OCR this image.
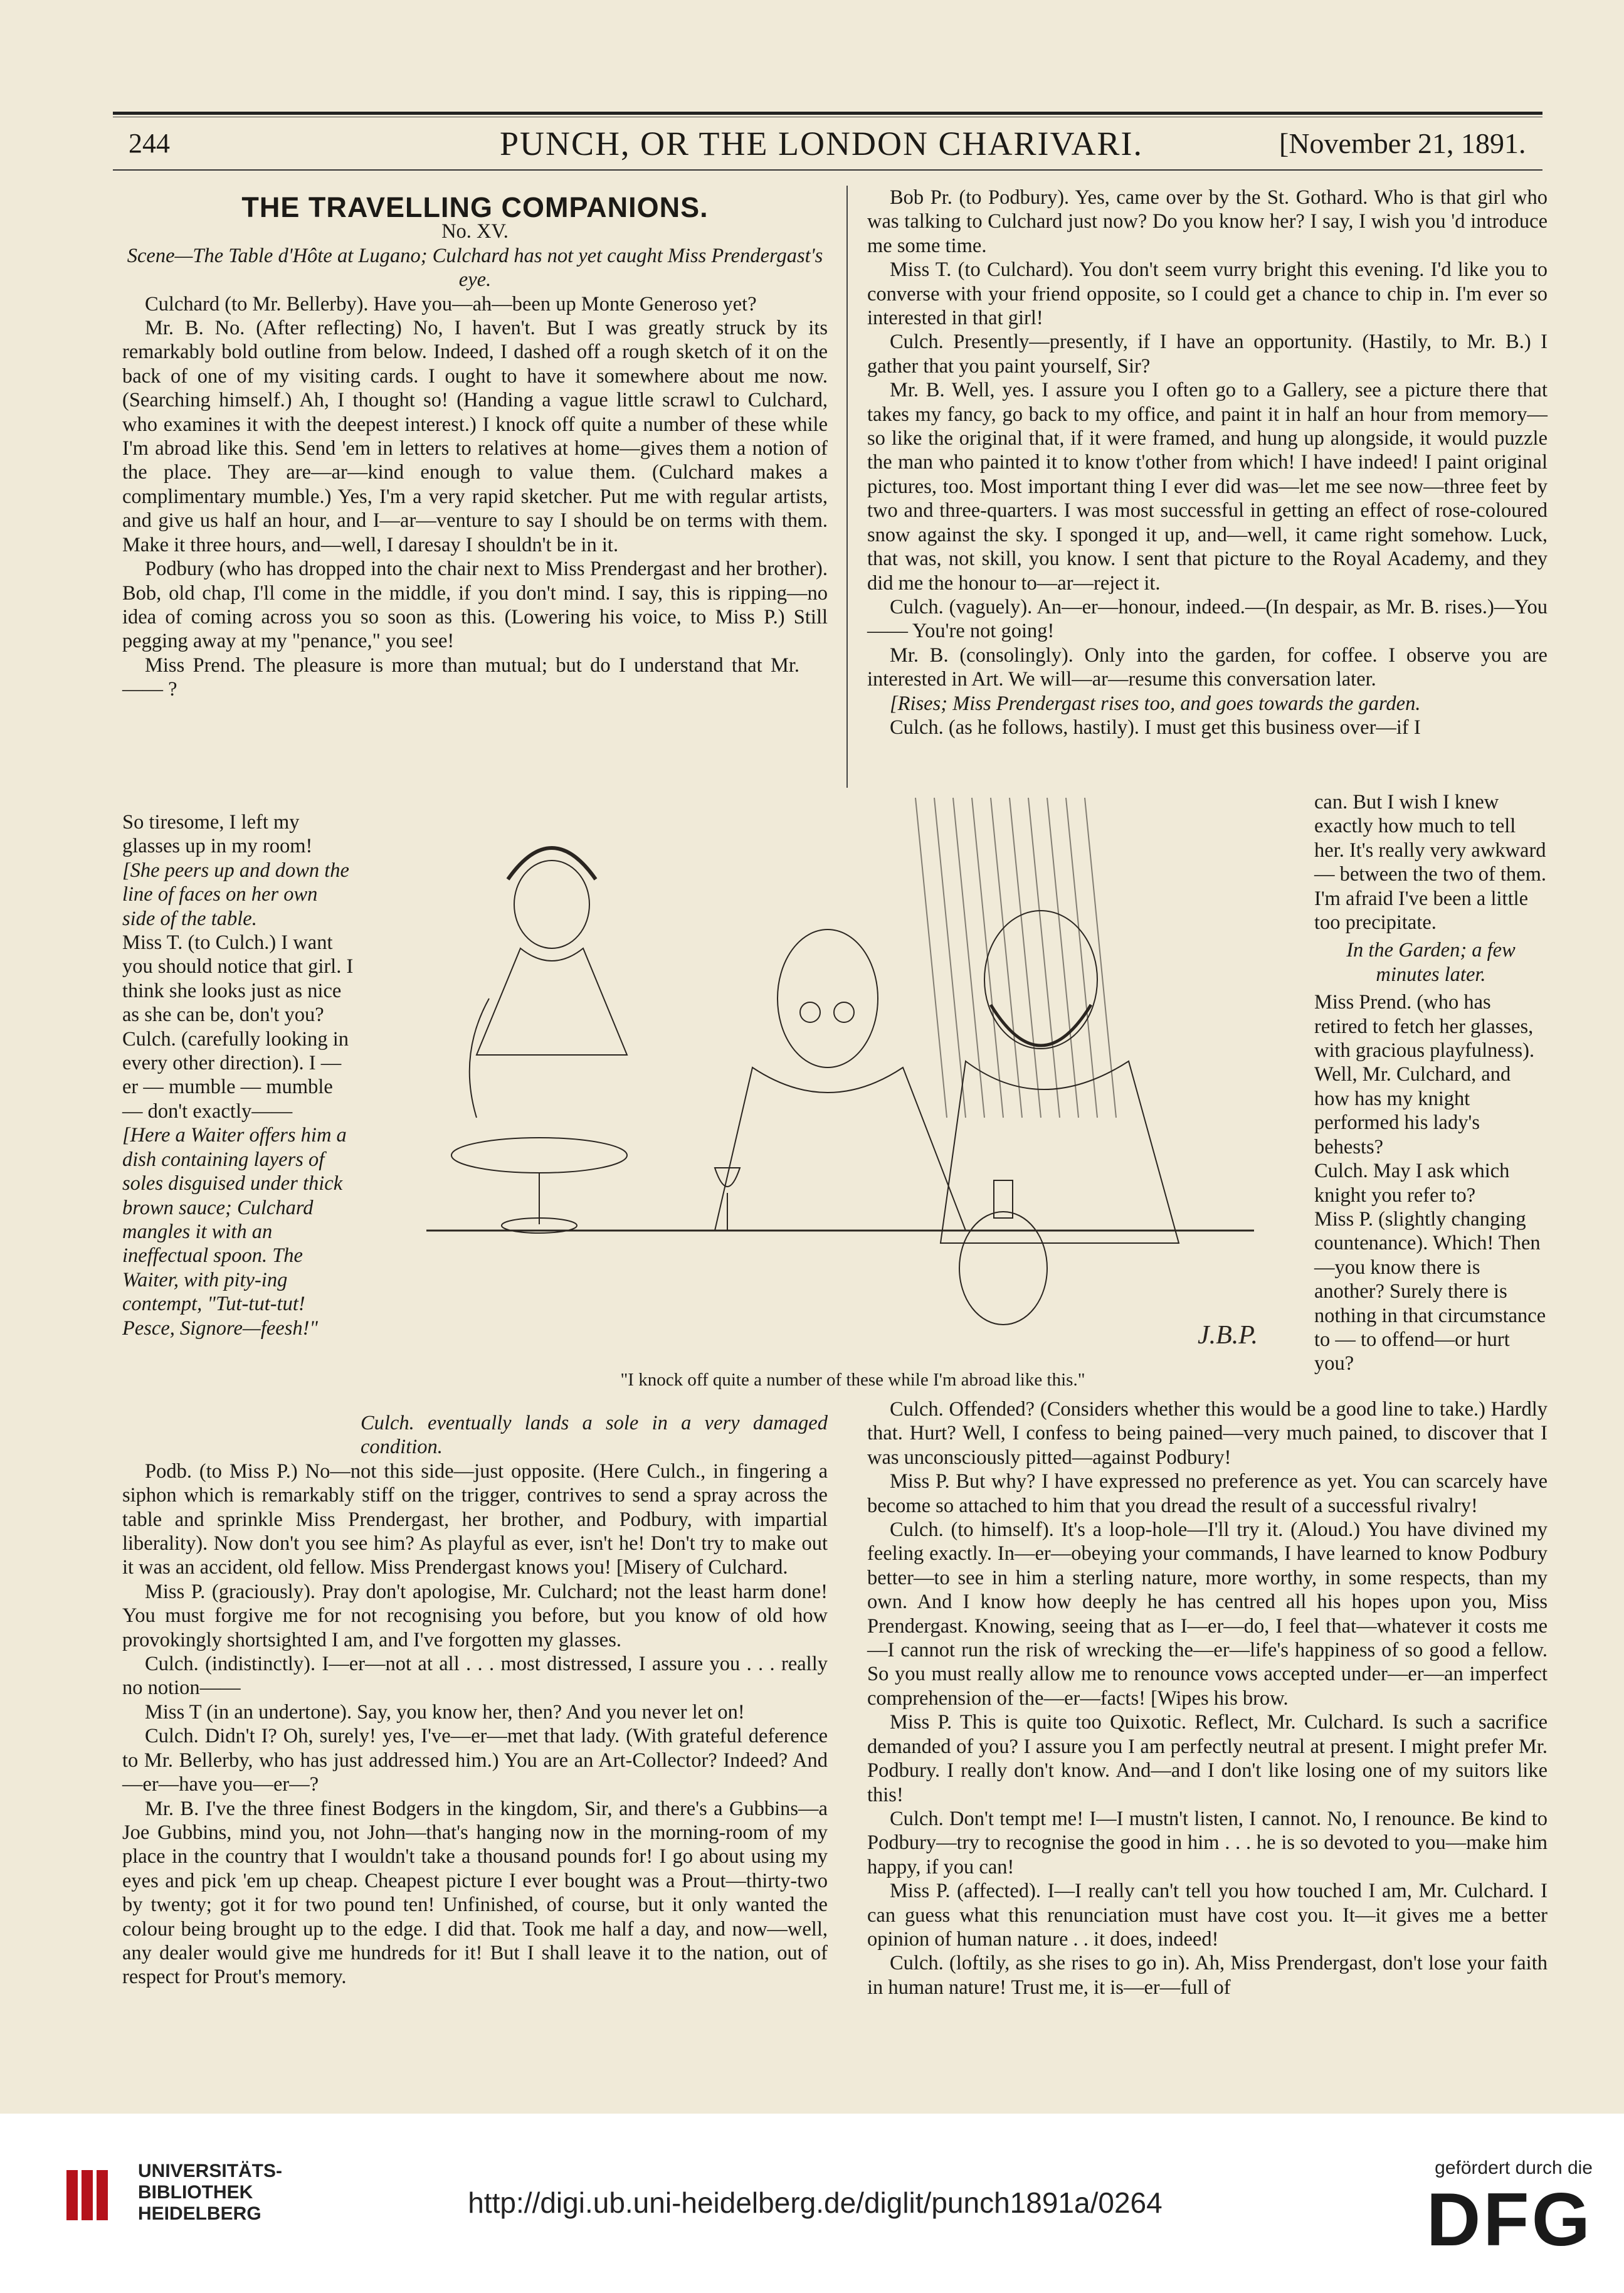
244	PUNCH, OR THE LONDON CHARIVARI.	[November 21, 1891.

THE TRAVELLING COMPANIONS.

No. XV.

Scene—The Table d'Hôte at Lugano; Culchard has not yet caught Miss Prendergast's eye.

Culchard (to Mr. Bellerby). Have you—ah—been up Monte Generoso yet?

Mr. B. No. (After reflecting) No, I haven't. But I was greatly struck by its remarkably bold outline from below. Indeed, I dashed off a rough sketch of it on the back of one of my visiting cards. I ought to have it somewhere about me now. (Searching himself.) Ah, I thought so! (Handing a vague little scrawl to Culchard, who examines it with the deepest interest.) I knock off quite a number of these while I'm abroad like this. Send 'em in letters to relatives at home—gives them a notion of the place. They are—ar—kind enough to value them. (Culchard makes a complimentary mumble.) Yes, I'm a very rapid sketcher. Put me with regular artists, and give us half an hour, and I—ar—venture to say I should be on terms with them. Make it three hours, and—well, I daresay I shouldn't be in it.

Podbury (who has dropped into the chair next to Miss Prendergast and her brother). Bob, old chap, I'll come in the middle, if you don't mind. I say, this is ripping—no idea of coming across you so soon as this. (Lowering his voice, to Miss P.) Still pegging away at my "penance," you see!

Miss Prend. The pleasure is more than mutual; but do I understand that Mr. —— ?

Bob Pr. (to Podbury). Yes, came over by the St. Gothard. Who is that girl who was talking to Culchard just now? Do you know her? I say, I wish you 'd introduce me some time.

Miss T. (to Culchard). You don't seem vurry bright this evening. I'd like you to converse with your friend opposite, so I could get a chance to chip in. I'm ever so interested in that girl!

Culch. Presently—presently, if I have an opportunity. (Hastily, to Mr. B.) I gather that you paint yourself, Sir?

Mr. B. Well, yes. I assure you I often go to a Gallery, see a picture there that takes my fancy, go back to my office, and paint it in half an hour from memory—so like the original that, if it were framed, and hung up alongside, it would puzzle the man who painted it to know t'other from which! I have indeed! I paint original pictures, too. Most important thing I ever did was—let me see now—three feet by two and three-quarters. I was most successful in getting an effect of rose-coloured snow against the sky. I sponged it up, and—well, it came right somehow. Luck, that was, not skill, you know. I sent that picture to the Royal Academy, and they did me the honour to—ar—reject it.

Culch. (vaguely). An—er—honour, indeed.—(In despair, as Mr. B. rises.)—You—— You're not going!

Mr. B. (consolingly). Only into the garden, for coffee. I observe you are interested in Art. We will—ar—resume this conversation later.

[Rises; Miss Prendergast rises too, and goes towards the garden.

Culch. (as he follows, hastily). I must get this business over—if I

So tiresome, I left my glasses up in my room!

[She peers up and down the line of faces on her own side of the table.

Miss T. (to Culch.) I want you should notice that girl. I think she looks just as nice as she can be, don't you?

Culch. (carefully looking in every other direction). I — er — mumble — mumble — don't exactly——

[Here a Waiter offers him a dish containing layers of soles disguised under thick brown sauce; Culchard mangles it with an ineffectual spoon. The Waiter, with pity-ing contempt, "Tut-tut-tut! Pesce, Signore—feesh!"

can. But I wish I knew exactly how much to tell her. It's really very awkward — between the two of them. I'm afraid I've been a little too precipitate.

In the Garden; a few minutes later.

Miss Prend. (who has retired to fetch her glasses, with gracious playfulness). Well, Mr. Culchard, and how has my knight performed his lady's behests?

Culch. May I ask which knight you refer to?

Miss P. (slightly changing countenance). Which! Then —you know there is another? Surely there is nothing in that circumstance to — to offend—or hurt you?

J.B.P.
"I knock off quite a number of these while I'm abroad like this."

Culch. eventually lands a sole in a very damaged condition.

Podb. (to Miss P.) No—not this side—just opposite. (Here Culch., in fingering a siphon which is remarkably stiff on the trigger, contrives to send a spray across the table and sprinkle Miss Prendergast, her brother, and Podbury, with impartial liberality). Now don't you see him? As playful as ever, isn't he! Don't try to make out it was an accident, old fellow. Miss Prendergast knows you! [Misery of Culchard.

Miss P. (graciously). Pray don't apologise, Mr. Culchard; not the least harm done! You must forgive me for not recognising you before, but you know of old how provokingly shortsighted I am, and I've forgotten my glasses.

Culch. (indistinctly). I—er—not at all . . . most distressed, I assure you . . . really no notion——

Miss T (in an undertone). Say, you know her, then? And you never let on!

Culch. Didn't I? Oh, surely! yes, I've—er—met that lady. (With grateful deference to Mr. Bellerby, who has just addressed him.) You are an Art-Collector? Indeed? And—er—have you—er—?

Mr. B. I've the three finest Bodgers in the kingdom, Sir, and there's a Gubbins—a Joe Gubbins, mind you, not John—that's hanging now in the morning-room of my place in the country that I wouldn't take a thousand pounds for! I go about using my eyes and pick 'em up cheap. Cheapest picture I ever bought was a Prout—thirty-two by twenty; got it for two pound ten! Unfinished, of course, but it only wanted the colour being brought up to the edge. I did that. Took me half a day, and now—well, any dealer would give me hundreds for it! But I shall leave it to the nation, out of respect for Prout's memory.

Culch. Offended? (Considers whether this would be a good line to take.) Hardly that. Hurt? Well, I confess to being pained—very much pained, to discover that I was unconsciously pitted—against Podbury!

Miss P. But why? I have expressed no preference as yet. You can scarcely have become so attached to him that you dread the result of a successful rivalry!

Culch. (to himself). It's a loop-hole—I'll try it. (Aloud.) You have divined my feeling exactly. In—er—obeying your commands, I have learned to know Podbury better—to see in him a sterling nature, more worthy, in some respects, than my own. And I know how deeply he has centred all his hopes upon you, Miss Prendergast. Knowing, seeing that as I—er—do, I feel that—whatever it costs me—I cannot run the risk of wrecking the—er—life's happiness of so good a fellow. So you must really allow me to renounce vows accepted under—er—an imperfect comprehension of the—er—facts! [Wipes his brow.

Miss P. This is quite too Quixotic. Reflect, Mr. Culchard. Is such a sacrifice demanded of you? I assure you I am perfectly neutral at present. I might prefer Mr. Podbury. I really don't know. And—and I don't like losing one of my suitors like this!

Culch. Don't tempt me! I—I mustn't listen, I cannot. No, I renounce. Be kind to Podbury—try to recognise the good in him . . . he is so devoted to you—make him happy, if you can!

Miss P. (affected). I—I really can't tell you how touched I am, Mr. Culchard. I can guess what this renunciation must have cost you. It—it gives me a better opinion of human nature . . it does, indeed!

Culch. (loftily, as she rises to go in). Ah, Miss Prendergast, don't lose your faith in human nature! Trust me, it is—er—full of

UNIVERSITÄTS-
BIBLIOTHEK
HEIDELBERG	http://digi.ub.uni-heidelberg.de/diglit/punch1891a/0264
gefördert durch die
DFG
